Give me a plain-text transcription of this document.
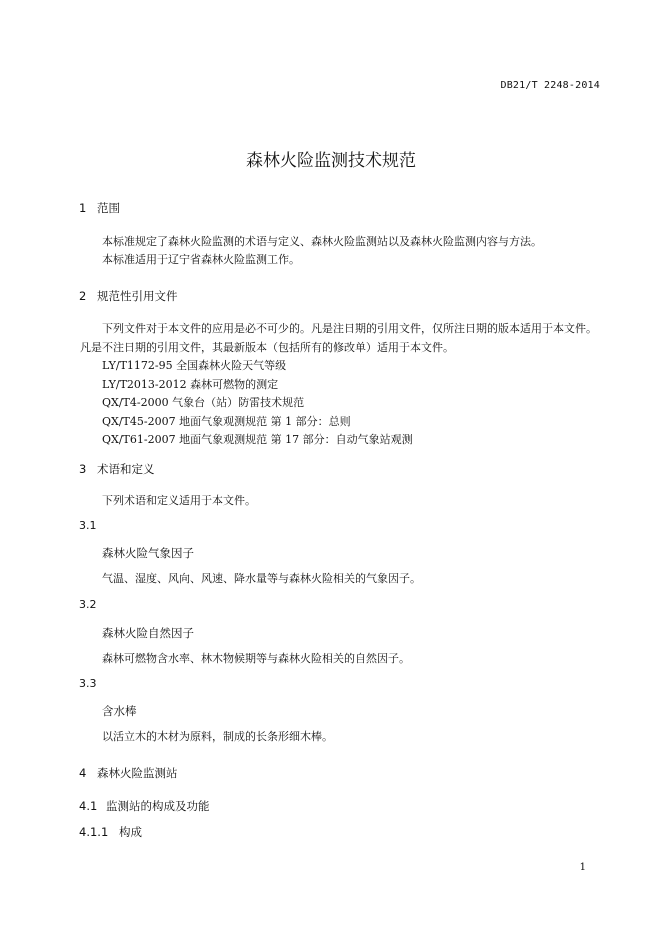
DB21/T 2248-2014
森林火险监测技术规范
1 范围
本标准规定了森林火险监测的术语与定义、森林火险监测站以及森林火险监测内容与方法。
本标准适用于辽宁省森林火险监测工作。
2 规范性引用文件
下列文件对于本文件的应用是必不可少的。凡是注日期的引用文件，仅所注日期的版本适用于本文件。凡是不注日期的引用文件，其最新版本（包括所有的修改单）适用于本文件。
LY/T1172-95 全国森林火险天气等级
LY/T2013-2012 森林可燃物的测定
QX/T4-2000 气象台（站）防雷技术规范
QX/T45-2007 地面气象观测规范 第 1 部分：总则
QX/T61-2007 地面气象观测规范 第 17 部分：自动气象站观测
3 术语和定义
下列术语和定义适用于本文件。
3.1
森林火险气象因子
气温、湿度、风向、风速、降水量等与森林火险相关的气象因子。
3.2
森林火险自然因子
森林可燃物含水率、林木物候期等与森林火险相关的自然因子。
3.3
含水棒
以活立木的木材为原料，制成的长条形细木棒。
4 森林火险监测站
4.1 监测站的构成及功能
4.1.1 构成
1
